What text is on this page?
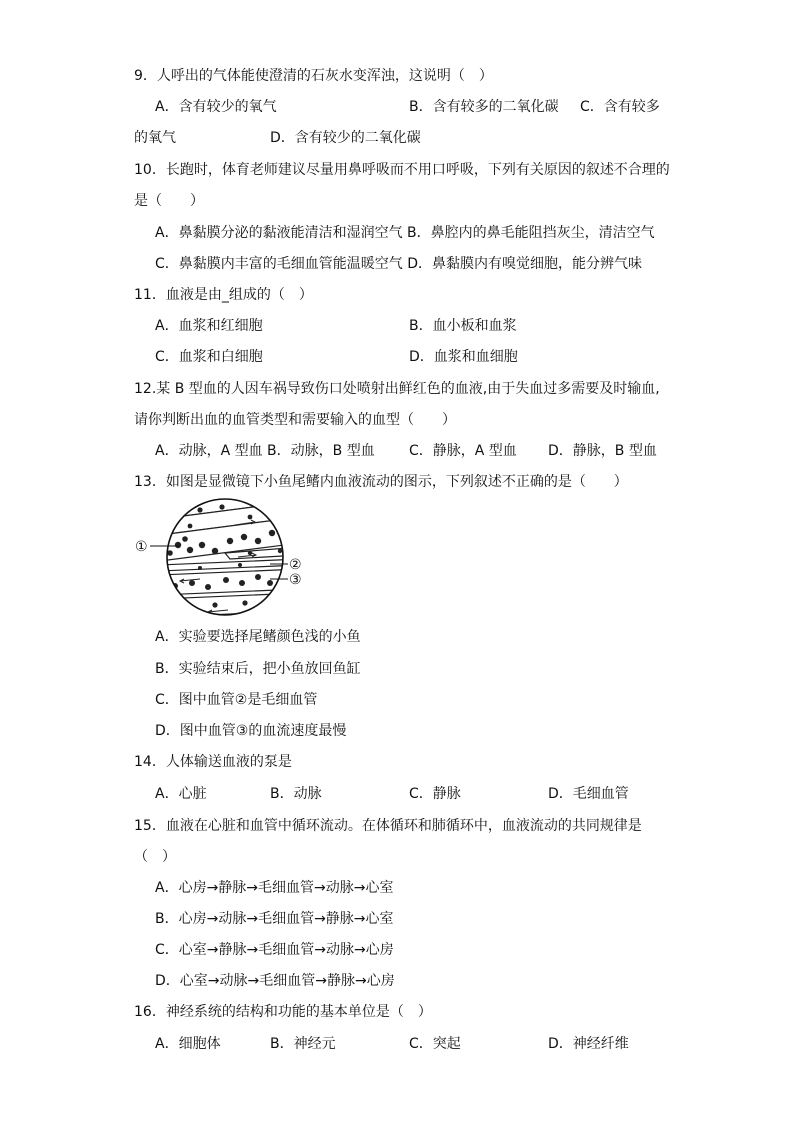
9．人呼出的气体能使澄清的石灰水变浑浊，这说明（　）
A．含有较少的氧气	B．含有较多的二氧化碳 C．含有较多
的氧气	D．含有较少的二氧化碳
10．长跑时，体育老师建议尽量用鼻呼吸而不用口呼吸，下列有关原因的叙述不合理的
是（　　）
A．鼻黏膜分泌的黏液能清洁和湿润空气 B．鼻腔内的鼻毛能阻挡灰尘，清洁空气
C．鼻黏膜内丰富的毛细血管能温暖空气 D．鼻黏膜内有嗅觉细胞，能分辨气味
11．血液是由_组成的（　）
A．血浆和红细胞	B．血小板和血浆
C．血浆和白细胞	D．血浆和血细胞
12.某 B 型血的人因车祸导致伤口处喷射出鲜红色的血液,由于失血过多需要及时输血,
请你判断出血的血管类型和需要输入的血型（　　）
A．动脉，A 型血 B．动脉，B 型血 C．静脉，A 型血 D．静脉，B 型血
13．如图是显微镜下小鱼尾鳍内血液流动的图示，下列叙述不正确的是（　　）
①
②
③
A．实验要选择尾鳍颜色浅的小鱼
B．实验结束后，把小鱼放回鱼缸
C．图中血管②是毛细血管
D．图中血管③的血流速度最慢
14．人体输送血液的泵是
A．心脏	B．动脉	C．静脉	D．毛细血管
15．血液在心脏和血管中循环流动。在体循环和肺循环中，血液流动的共同规律是
（　）
A．心房→静脉→毛细血管→动脉→心室
B．心房→动脉→毛细血管→静脉→心室
C．心室→静脉→毛细血管→动脉→心房
D．心室→动脉→毛细血管→静脉→心房
16．神经系统的结构和功能的基本单位是（　）
A．细胞体	B．神经元	C．突起	D．神经纤维
